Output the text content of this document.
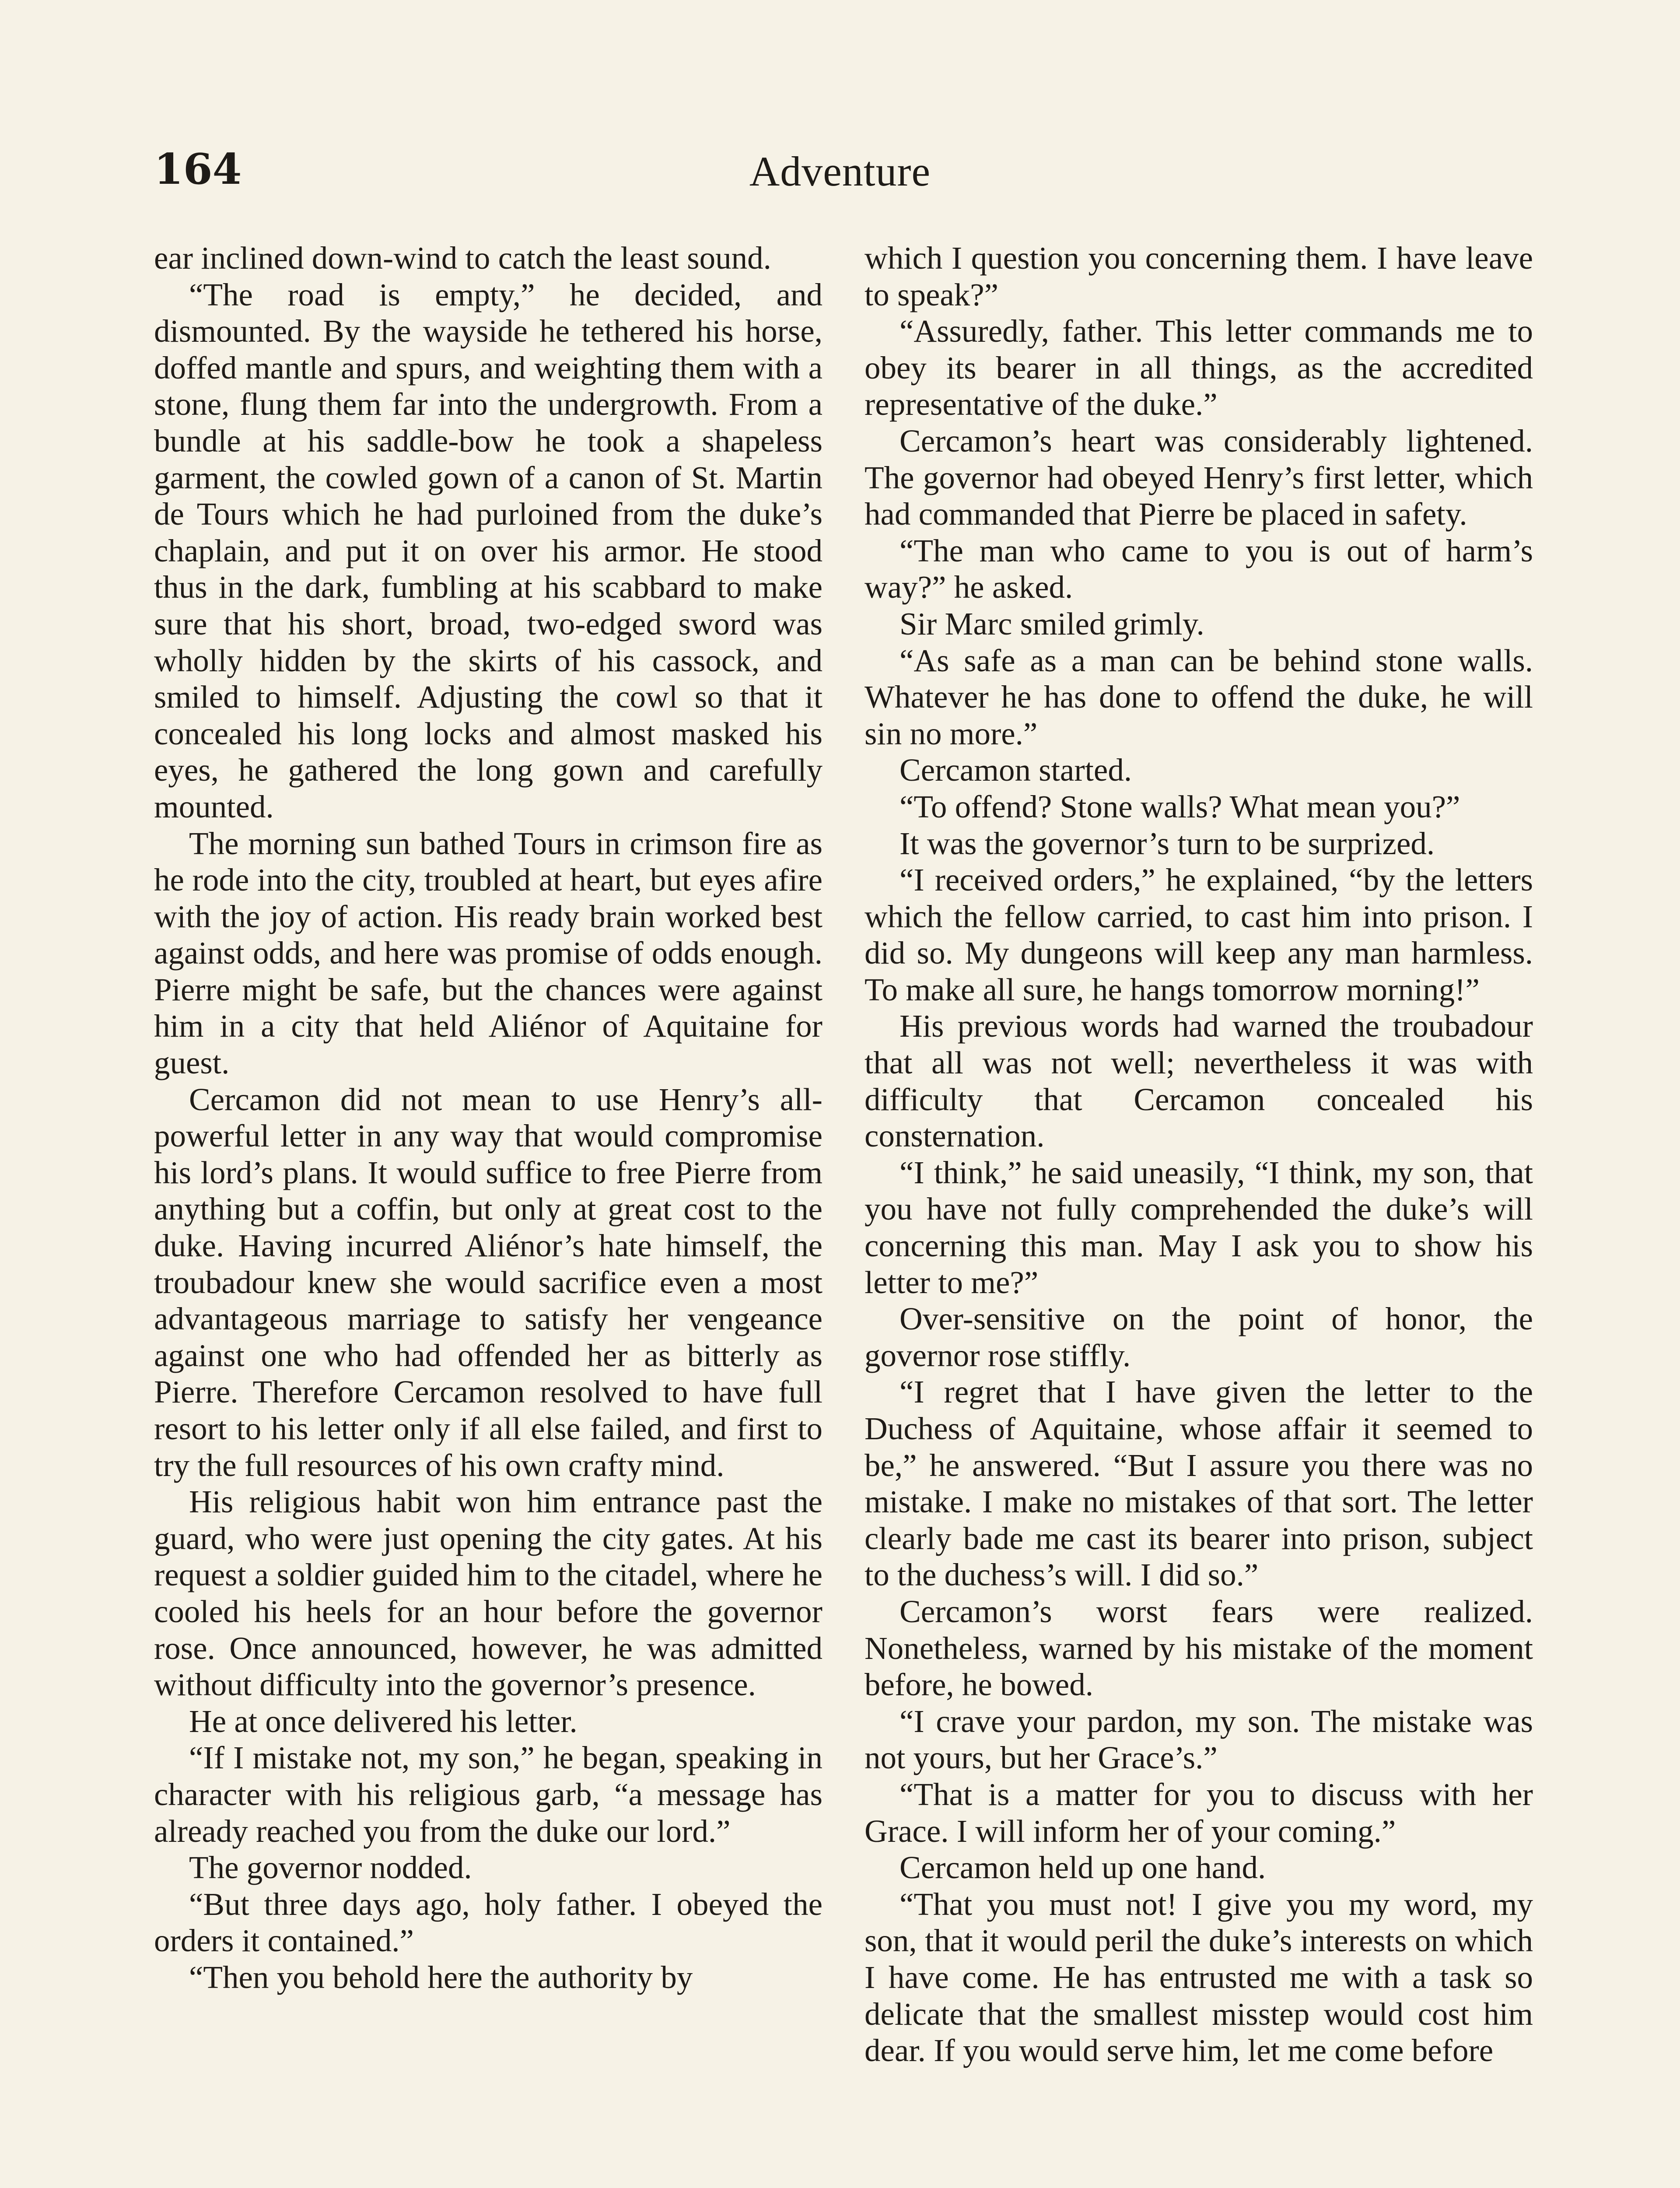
164	Adventure

ear inclined down-wind to catch the least sound.

“The road is empty,” he decided, and dismounted. By the wayside he tethered his horse, doffed mantle and spurs, and weighting them with a stone, flung them far into the undergrowth. From a bundle at his saddle-bow he took a shapeless garment, the cowled gown of a canon of St. Martin de Tours which he had purloined from the duke’s chaplain, and put it on over his armor. He stood thus in the dark, fumbling at his scabbard to make sure that his short, broad, two-edged sword was wholly hidden by the skirts of his cassock, and smiled to himself. Adjusting the cowl so that it concealed his long locks and almost masked his eyes, he gathered the long gown and carefully mounted.

The morning sun bathed Tours in crimson fire as he rode into the city, troubled at heart, but eyes afire with the joy of action. His ready brain worked best against odds, and here was promise of odds enough. Pierre might be safe, but the chances were against him in a city that held Aliénor of Aquitaine for guest.

Cercamon did not mean to use Henry’s all-powerful letter in any way that would compromise his lord’s plans. It would suffice to free Pierre from anything but a coffin, but only at great cost to the duke. Having incurred Aliénor’s hate himself, the troubadour knew she would sacrifice even a most advantageous marriage to satisfy her vengeance against one who had offended her as bitterly as Pierre. Therefore Cercamon resolved to have full resort to his letter only if all else failed, and first to try the full resources of his own crafty mind.

His religious habit won him entrance past the guard, who were just opening the city gates. At his request a soldier guided him to the citadel, where he cooled his heels for an hour before the governor rose. Once announced, however, he was admitted without difficulty into the governor’s presence.

He at once delivered his letter.

“If I mistake not, my son,” he began, speaking in character with his religious garb, “a message has already reached you from the duke our lord.”

The governor nodded.

“But three days ago, holy father. I obeyed the orders it contained.”

“Then you behold here the authority by

which I question you concerning them. I have leave to speak?”

“Assuredly, father. This letter commands me to obey its bearer in all things, as the accredited representative of the duke.”

Cercamon’s heart was considerably lightened. The governor had obeyed Henry’s first letter, which had commanded that Pierre be placed in safety.

“The man who came to you is out of harm’s way?” he asked.

Sir Marc smiled grimly.

“As safe as a man can be behind stone walls. Whatever he has done to offend the duke, he will sin no more.”

Cercamon started.

“To offend? Stone walls? What mean you?”

It was the governor’s turn to be surprized.

“I received orders,” he explained, “by the letters which the fellow carried, to cast him into prison. I did so. My dungeons will keep any man harmless. To make all sure, he hangs tomorrow morning!”

His previous words had warned the troubadour that all was not well; nevertheless it was with difficulty that Cercamon concealed his consternation.

“I think,” he said uneasily, “I think, my son, that you have not fully comprehended the duke’s will concerning this man. May I ask you to show his letter to me?”

Over-sensitive on the point of honor, the governor rose stiffly.

“I regret that I have given the letter to the Duchess of Aquitaine, whose affair it seemed to be,” he answered. “But I assure you there was no mistake. I make no mistakes of that sort. The letter clearly bade me cast its bearer into prison, subject to the duchess’s will. I did so.”

Cercamon’s worst fears were realized. Nonetheless, warned by his mistake of the moment before, he bowed.

“I crave your pardon, my son. The mistake was not yours, but her Grace’s.”

“That is a matter for you to discuss with her Grace. I will inform her of your coming.”

Cercamon held up one hand.

“That you must not! I give you my word, my son, that it would peril the duke’s interests on which I have come. He has entrusted me with a task so delicate that the smallest misstep would cost him dear. If you would serve him, let me come before
